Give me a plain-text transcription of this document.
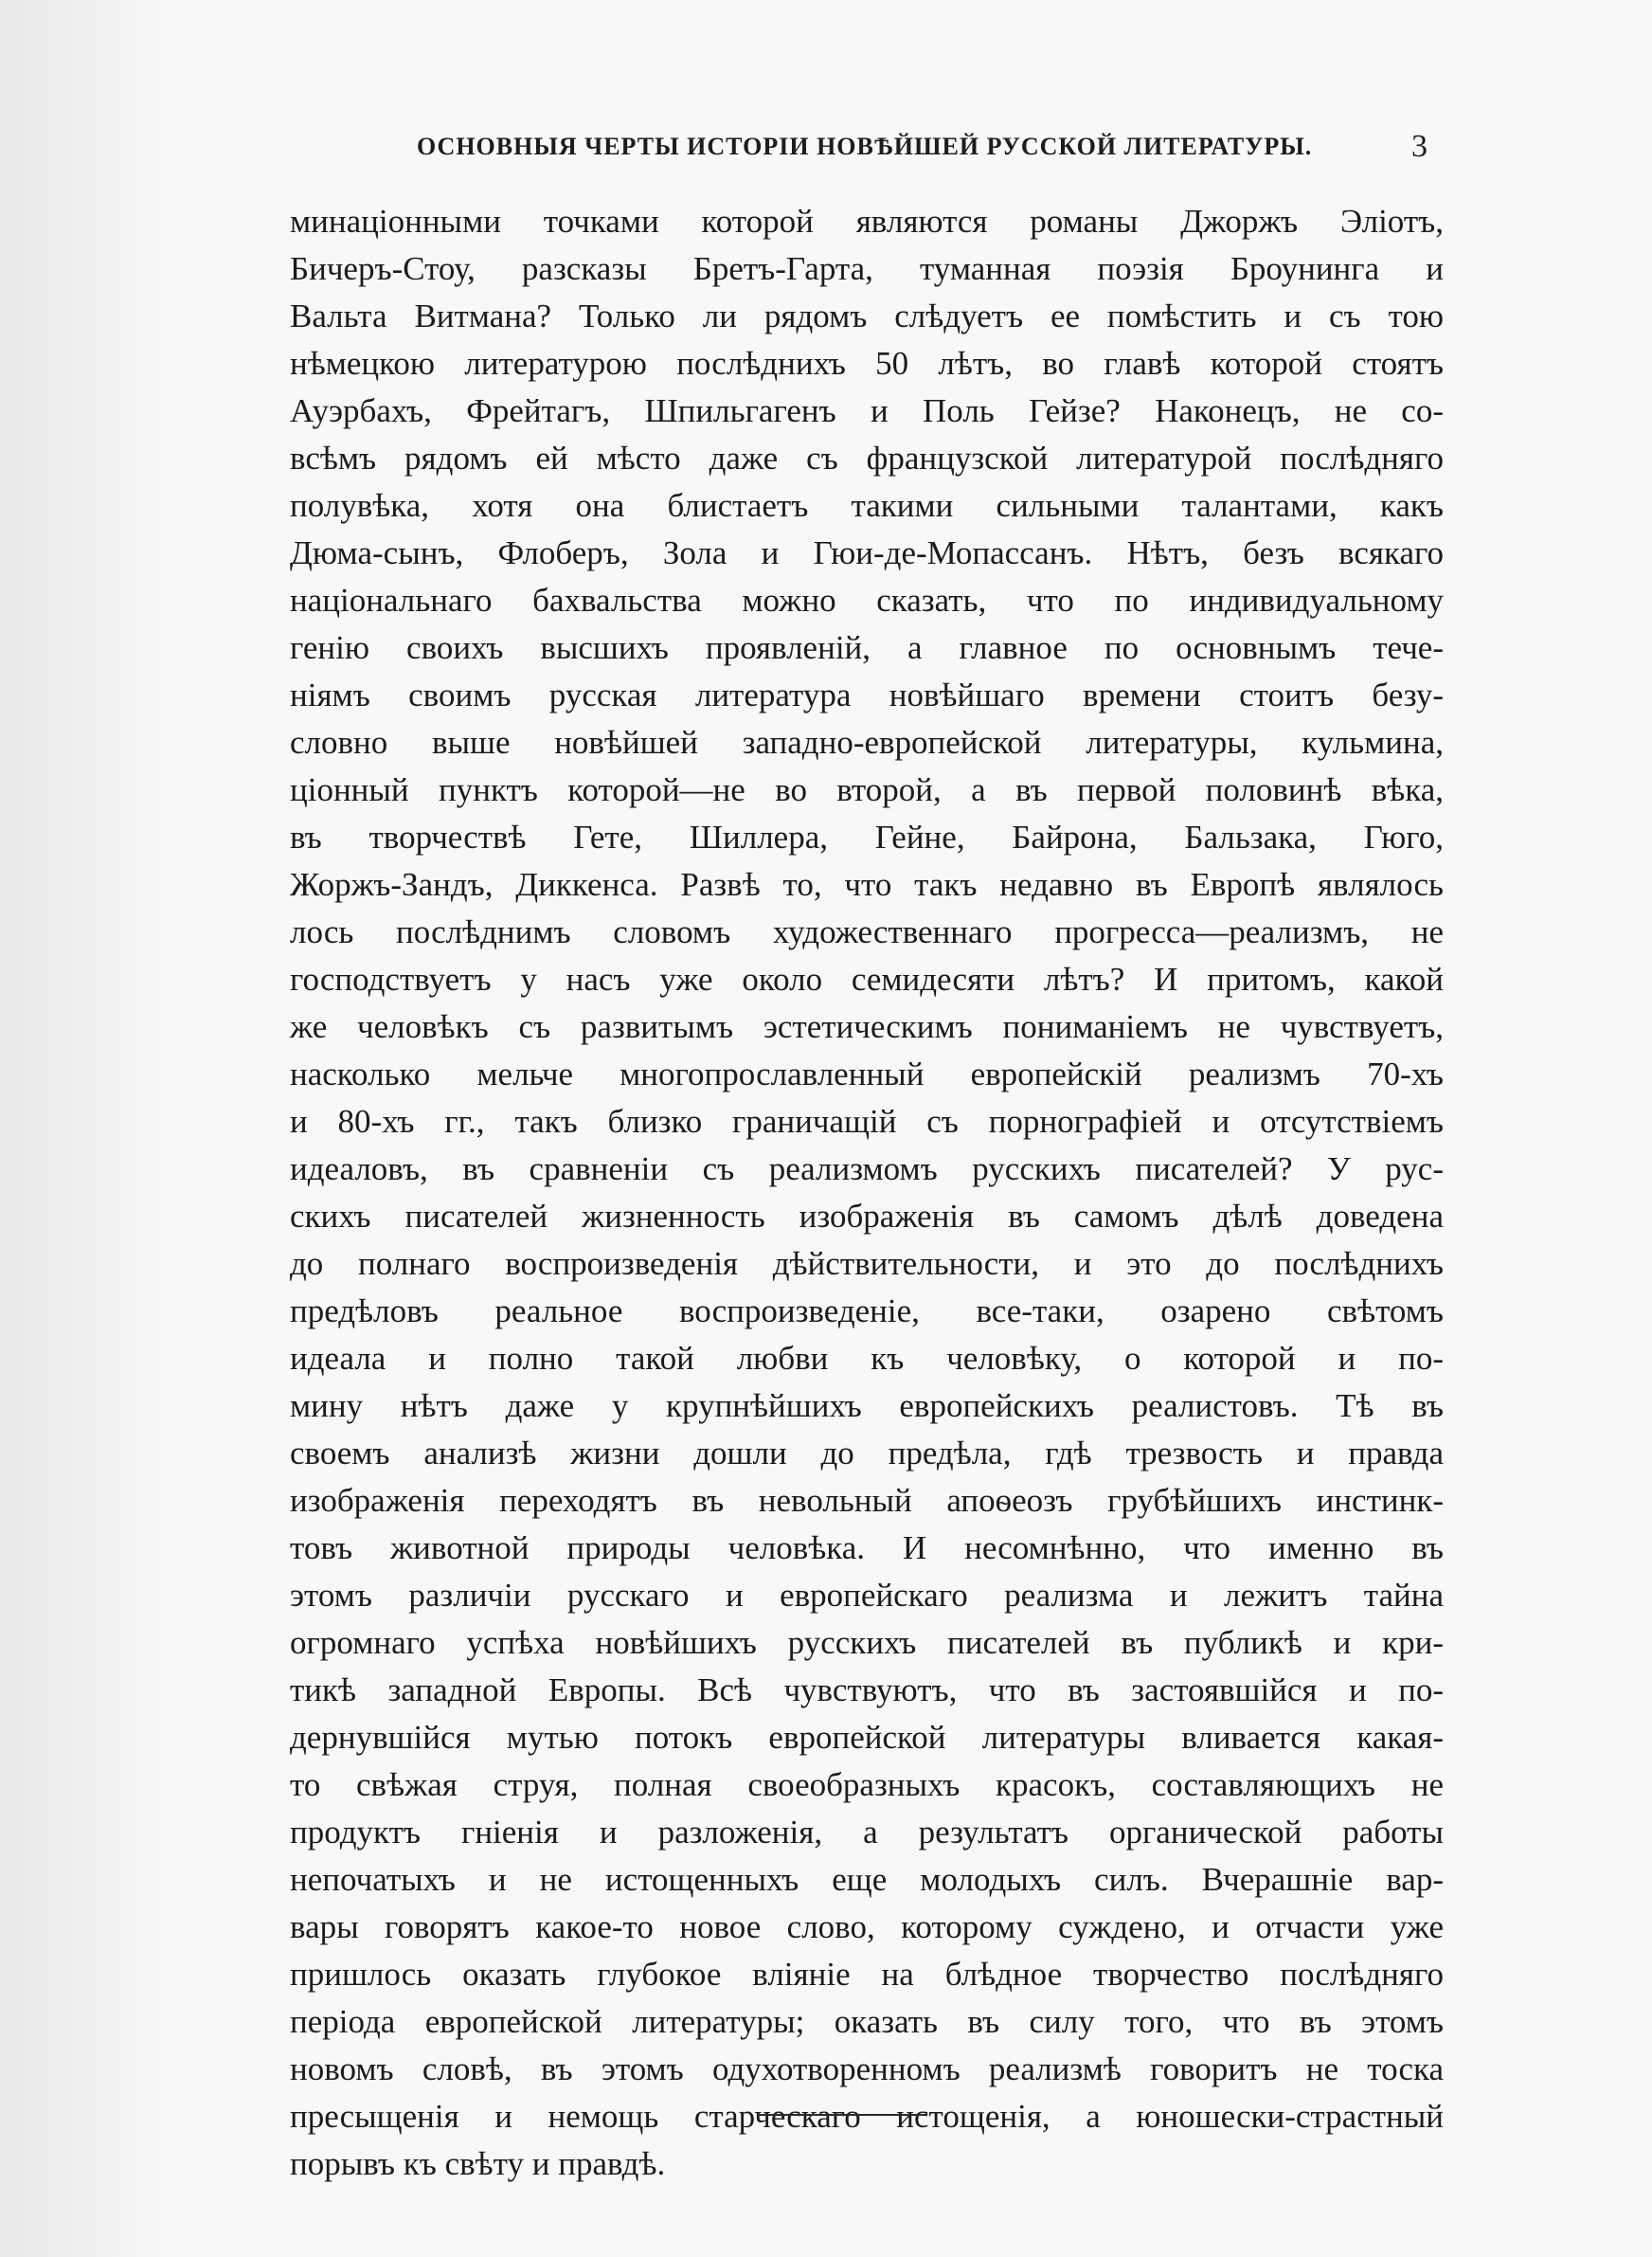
ОСНОВНЫЯ ЧЕРТЫ ИСТОРІИ НОВѢЙШЕЙ РУССКОЙ ЛИТЕРАТУРЫ.	3
минаціонными точками которой являются романы Джоржъ Элiотъ,
Бичеръ-Стоу, разсказы Бретъ-Гарта, туманная поэзія Броунинга и
Вальта Витмана? Только ли рядомъ слѣдуетъ ее помѣстить и съ тою
нѣмецкою литературою послѣднихъ 50 лѣтъ, во главѣ которой стоятъ
Ауэрбахъ, Фрейтагъ, Шпильгагенъ и Поль Гейзе? Наконецъ, не со-
всѣмъ рядомъ ей мѣсто даже съ французской литературой послѣдняго
полувѣка, хотя она блистаетъ такими сильными талантами, какъ
Дюма-сынъ, Флоберъ, Зола и Гюи-де-Мопассанъ. Нѣтъ, безъ всякаго
національнаго бахвальства можно сказать, что по индивидуальному
генію своихъ высшихъ проявленій, а главное по основнымъ тече-
ніямъ своимъ русская литература новѣйшаго времени стоитъ безу-
словно выше новѣйшей западно-европейской литературы, кульмина,
ціонный пунктъ которой—не во второй, а въ первой половинѣ вѣка,
въ творчествѣ Гете, Шиллера, Гейне, Байрона, Бальзака, Гюго,
Жоржъ-Зандъ, Диккенса. Развѣ то, что такъ недавно въ Европѣ являлось
лось послѣднимъ словомъ художественнаго прогресса—реализмъ, не
господствуетъ у насъ уже около семидесяти лѣтъ? И притомъ, какой
же человѣкъ съ развитымъ эстетическимъ пониманіемъ не чувствуетъ,
насколько мельче многопрославленный европейскій реализмъ 70-хъ
и 80-хъ гг., такъ близко граничащій съ порнографіей и отсутствіемъ
идеаловъ, въ сравненіи съ реализмомъ русскихъ писателей? У рус-
скихъ писателей жизненность изображенія въ самомъ дѣлѣ доведена
до полнаго воспроизведенія дѣйствительности, и это до послѣднихъ
предѣловъ реальное воспроизведеніе, все-таки, озарено свѣтомъ
идеала и полно такой любви къ человѣку, о которой и по-
мину нѣтъ даже у крупнѣйшихъ европейскихъ реалистовъ. Тѣ въ
своемъ анализѣ жизни дошли до предѣла, гдѣ трезвость и правда
изображенія переходятъ въ невольный апоѳеозъ грубѣйшихъ инстинк-
товъ животной природы человѣка. И несомнѣнно, что именно въ
этомъ различіи русскаго и европейскаго реализма и лежитъ тайна
огромнаго успѣха новѣйшихъ русскихъ писателей въ публикѣ и кри-
тикѣ западной Европы. Всѣ чувствуютъ, что въ застоявшійся и по-
дернувшійся мутью потокъ европейской литературы вливается какая-
то свѣжая струя, полная своеобразныхъ красокъ, составляющихъ не
продуктъ гніенія и разложенія, а результатъ органической работы
непочатыхъ и не истощенныхъ еще молодыхъ силъ. Вчерашніе вар-
вары говорятъ какое-то новое слово, которому суждено, и отчасти уже
пришлось оказать глубокое вліяніе на блѣдное творчество послѣдняго
періода европейской литературы; оказать въ силу того, что въ этомъ
новомъ словѣ, въ этомъ одухотворенномъ реализмѣ говоритъ не тоска
пресыщенія и немощь старческаго истощенія, а юношески-страстный
порывъ къ свѣту и правдѣ.
